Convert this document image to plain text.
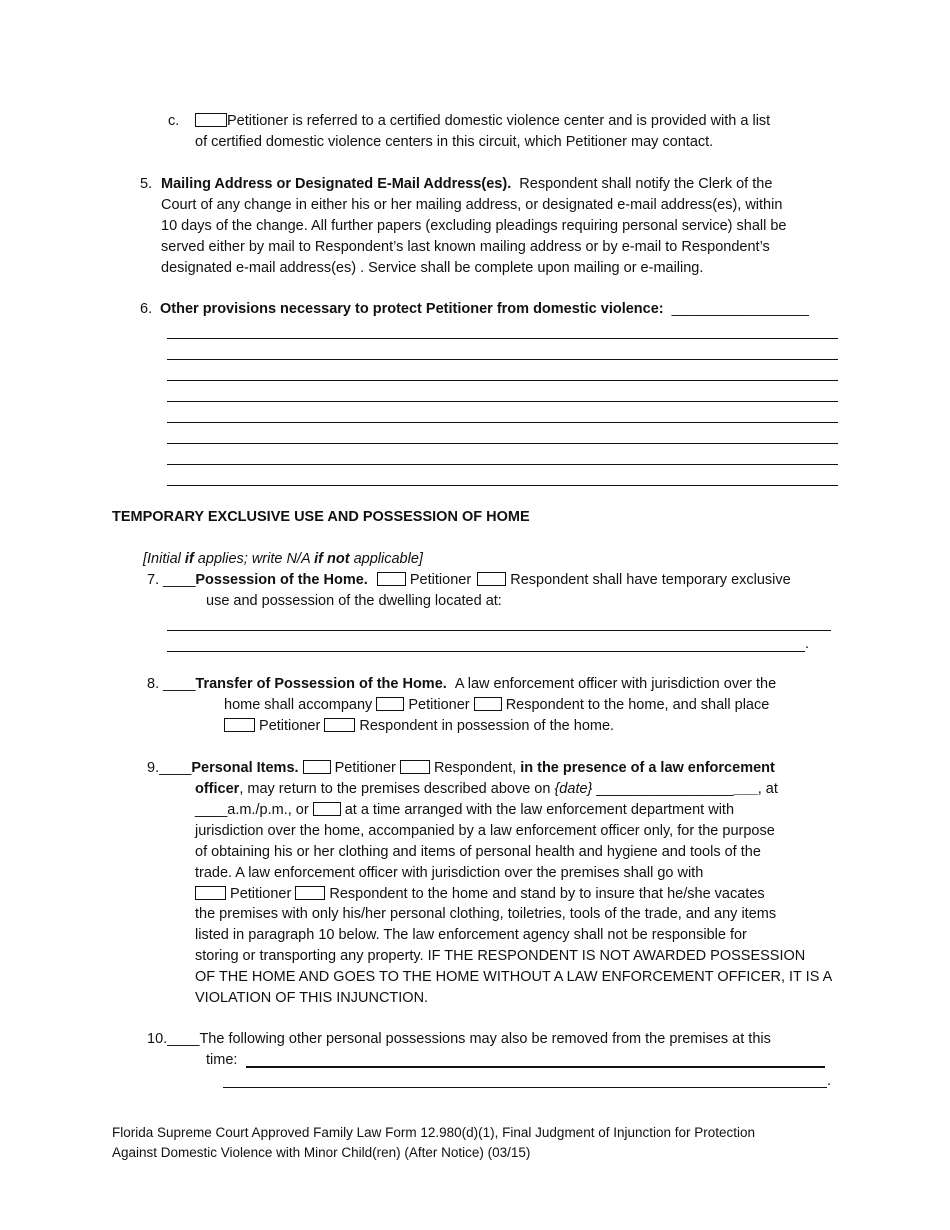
c.	Petitioner is referred to a certified domestic violence center and is provided with a list
of certified domestic violence centers in this circuit, which Petitioner may contact.
5. Mailing Address or Designated E-Mail Address(es). Respondent shall notify the Clerk of the
Court of any change in either his or her mailing address, or designated e-mail address(es), within
10 days of the change. All further papers (excluding pleadings requiring personal service) shall be
served either by mail to Respondent’s last known mailing address or by e-mail to Respondent’s
designated e-mail address(es) . Service shall be complete upon mailing or e-mailing.
6. Other provisions necessary to protect Petitioner from domestic violence: _________________
TEMPORARY EXCLUSIVE USE AND POSSESSION OF HOME
[Initial if applies; write N/A if not applicable]
7. ____Possession of the Home.	Petitioner	Respondent shall have temporary exclusive
use and possession of the dwelling located at:
.
8. ____Transfer of Possession of the Home. A law enforcement officer with jurisdiction over the
home shall accompany Petitioner Respondent to the home, and shall place
Petitioner	Respondent in possession of the home.
9.____Personal Items. Petitioner	Respondent, in the presence of a law enforcement
officer, may return to the premises described above on {date} ____________________, at
____a.m./p.m., or at a time arranged with the law enforcement department with
jurisdiction over the home, accompanied by a law enforcement officer only, for the purpose
of obtaining his or her clothing and items of personal health and hygiene and tools of the
trade. A law enforcement officer with jurisdiction over the premises shall go with
Petitioner	Respondent to the home and stand by to insure that he/she vacates
the premises with only his/her personal clothing, toiletries, tools of the trade, and any items
listed in paragraph 10 below. The law enforcement agency shall not be responsible for
storing or transporting any property. IF THE RESPONDENT IS NOT AWARDED POSSESSION
OF THE HOME AND GOES TO THE HOME WITHOUT A LAW ENFORCEMENT OFFICER, IT IS A
VIOLATION OF THIS INJUNCTION.
10.____The following other personal possessions may also be removed from the premises at this
time:
.
Florida Supreme Court Approved Family Law Form 12.980(d)(1), Final Judgment of Injunction for Protection
Against Domestic Violence with Minor Child(ren) (After Notice) (03/15)
